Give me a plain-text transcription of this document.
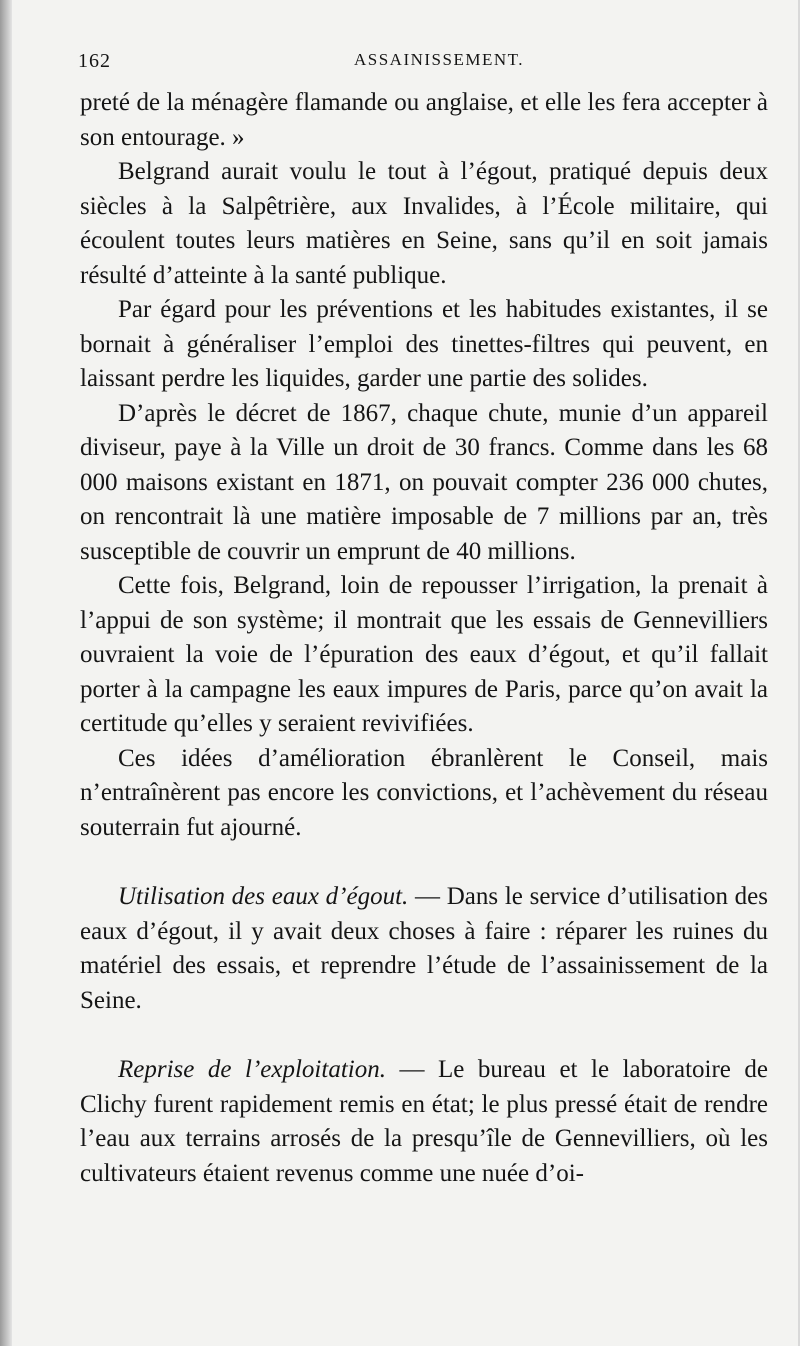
162	ASSAINISSEMENT.

preté de la ménagère flamande ou anglaise, et elle les fera accepter à son entourage. »

Belgrand aurait voulu le tout à l’égout, pratiqué depuis deux siècles à la Salpêtrière, aux Invalides, à l’École militaire, qui écoulent toutes leurs matières en Seine, sans qu’il en soit jamais résulté d’atteinte à la santé publique.

Par égard pour les préventions et les habitudes existantes, il se bornait à généraliser l’emploi des tinettes-filtres qui peuvent, en laissant perdre les liquides, garder une partie des solides.

D’après le décret de 1867, chaque chute, munie d’un appareil diviseur, paye à la Ville un droit de 30 francs. Comme dans les 68 000 maisons existant en 1871, on pouvait compter 236 000 chutes, on rencontrait là une matière imposable de 7 millions par an, très susceptible de couvrir un emprunt de 40 millions.

Cette fois, Belgrand, loin de repousser l’irrigation, la prenait à l’appui de son système; il montrait que les essais de Gennevilliers ouvraient la voie de l’épuration des eaux d’égout, et qu’il fallait porter à la campagne les eaux impures de Paris, parce qu’on avait la certitude qu’elles y seraient revivifiées.

Ces idées d’amélioration ébranlèrent le Conseil, mais n’entraînèrent pas encore les convictions, et l’achèvement du réseau souterrain fut ajourné.

Utilisation des eaux d’égout. — Dans le service d’utilisation des eaux d’égout, il y avait deux choses à faire : réparer les ruines du matériel des essais, et reprendre l’étude de l’assainissement de la Seine.

Reprise de l’exploitation. — Le bureau et le laboratoire de Clichy furent rapidement remis en état; le plus pressé était de rendre l’eau aux terrains arrosés de la presqu’île de Gennevilliers, où les cultivateurs étaient revenus comme une nuée d’oi-
